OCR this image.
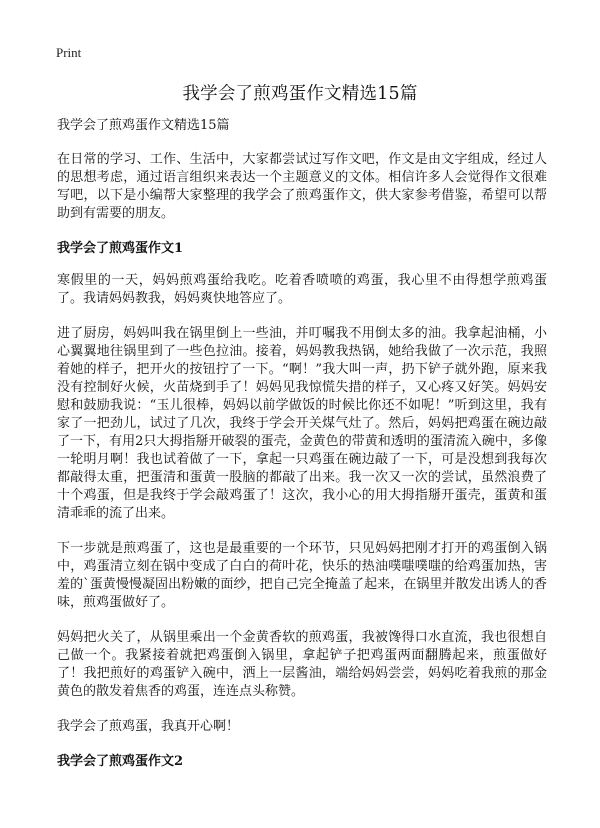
Print
我学会了煎鸡蛋作文精选15篇

我学会了煎鸡蛋作文精选15篇

在日常的学习、工作、生活中，大家都尝试过写作文吧，作文是由文字组成，经过人的思想考虑，通过语言组织来表达一个主题意义的文体。相信许多人会觉得作文很难写吧，以下是小编帮大家整理的我学会了煎鸡蛋作文，供大家参考借鉴，希望可以帮助到有需要的朋友。

我学会了煎鸡蛋作文1

寒假里的一天，妈妈煎鸡蛋给我吃。吃着香喷喷的鸡蛋，我心里不由得想学煎鸡蛋了。我请妈妈教我，妈妈爽快地答应了。

进了厨房，妈妈叫我在锅里倒上一些油，并叮嘱我不用倒太多的油。我拿起油桶，小心翼翼地往锅里到了一些色拉油。接着，妈妈教我热锅，她给我做了一次示范，我照着她的样子，把开火的按钮拧了一下。“啊！”我大叫一声，扔下铲子就外跑，原来我没有控制好火候，火苗烧到手了！妈妈见我惊慌失措的样子，又心疼又好笑。妈妈安慰和鼓励我说：“玉儿很棒，妈妈以前学做饭的时候比你还不如呢！”听到这里，我有家了一把劲儿，试过了几次，我终于学会开关煤气灶了。然后，妈妈把鸡蛋在碗边敲了一下，有用2只大拇指掰开破裂的蛋壳，金黄色的带黄和透明的蛋清流入碗中，多像一轮明月啊！我也试着做了一下，拿起一只鸡蛋在碗边敲了一下，可是没想到我每次都敲得太重，把蛋清和蛋黄一股脑的都敲了出来。我一次又一次的尝试，虽然浪费了十个鸡蛋，但是我终于学会敲鸡蛋了！这次，我小心的用大拇指掰开蛋壳，蛋黄和蛋清乖乖的流了出来。

下一步就是煎鸡蛋了，这也是最重要的一个环节，只见妈妈把刚才打开的鸡蛋倒入锅中，鸡蛋清立刻在锅中变成了白白的荷叶花，快乐的热油噗嗤噗嗤的给鸡蛋加热，害羞的`蛋黄慢慢凝固出粉嫩的面纱，把自己完全掩盖了起来，在锅里并散发出诱人的香味，煎鸡蛋做好了。

妈妈把火关了，从锅里乘出一个金黄香软的煎鸡蛋，我被馋得口水直流，我也很想自己做一个。我紧接着就把鸡蛋倒入锅里，拿起铲子把鸡蛋两面翻腾起来，煎蛋做好了！我把煎好的鸡蛋铲入碗中，洒上一层酱油，端给妈妈尝尝，妈妈吃着我煎的那金黄色的散发着焦香的鸡蛋，连连点头称赞。

我学会了煎鸡蛋，我真开心啊！

我学会了煎鸡蛋作文2
